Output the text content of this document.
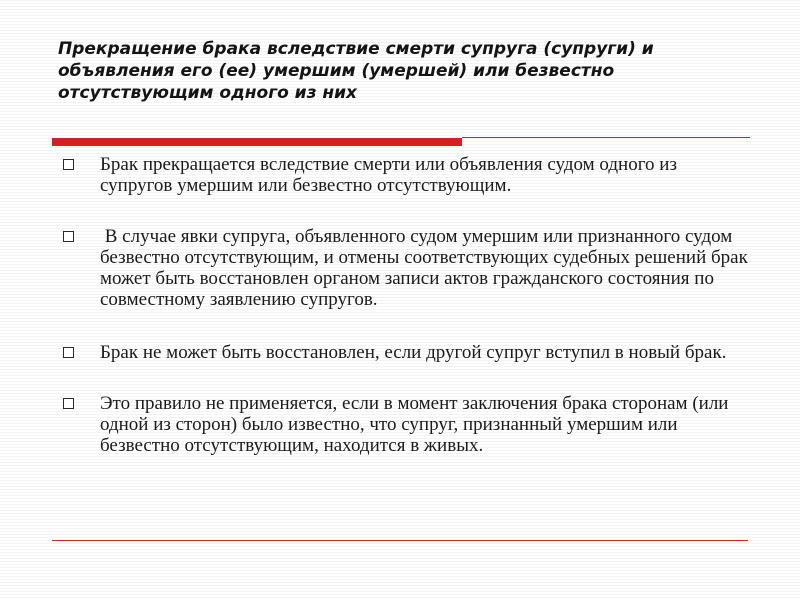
Прекращение брака вследствие смерти супруга (супруги) и объявления его (ее) умершим (умершей) или безвестно отсутствующим одного из них
Брак прекращается вследствие смерти или объявления судом одного из супругов умершим или безвестно отсутствующим.
В случае явки супруга, объявленного судом умершим или признанного судом безвестно отсутствующим, и отмены соответствующих судебных решений брак может быть восстановлен органом записи актов гражданского состояния по совместному заявлению супругов.
Брак не может быть восстановлен, если другой супруг вступил в новый брак.
Это правило не применяется, если в момент заключения брака сторонам (или одной из сторон) было известно, что супруг, признанный умершим или безвестно отсутствующим, находится в живых.
